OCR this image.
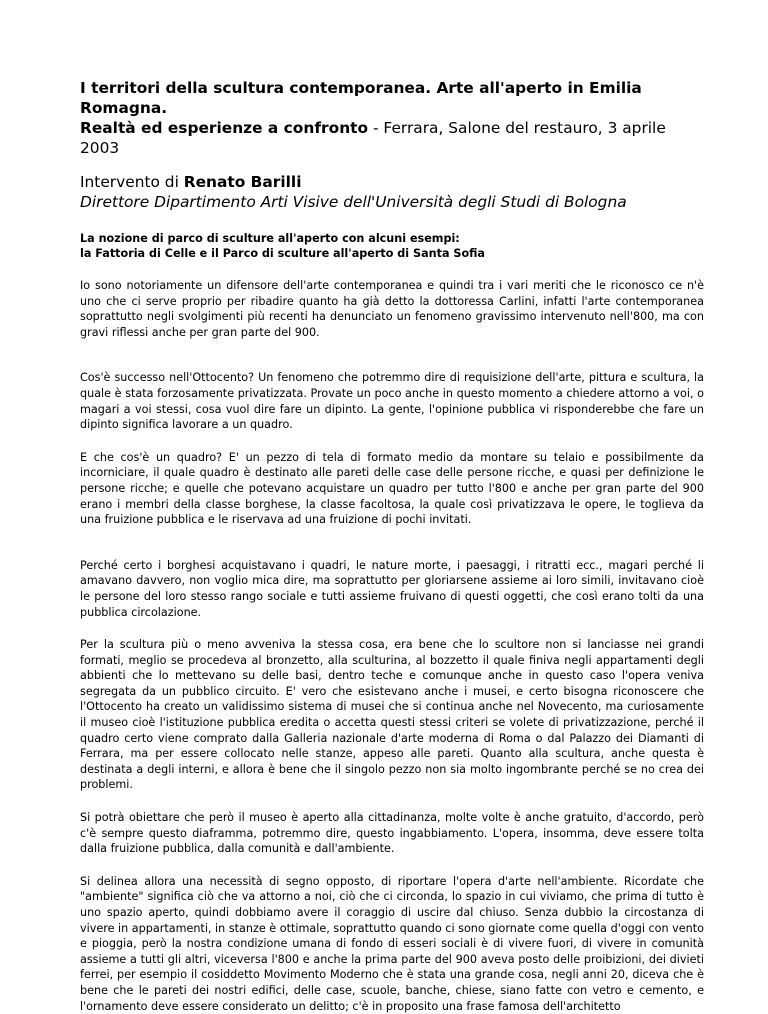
I territori della scultura contemporanea. Arte all'aperto in Emilia Romagna.
Realtà ed esperienze a confronto - Ferrara, Salone del restauro, 3 aprile 2003

Intervento di Renato Barilli

Direttore Dipartimento Arti Visive dell'Università degli Studi di Bologna

La nozione di parco di sculture all'aperto con alcuni esempi:
la Fattoria di Celle e il Parco di sculture all'aperto di Santa Sofia

Io sono notoriamente un difensore dell'arte contemporanea e quindi tra i vari meriti che le riconosco ce n'è uno che ci serve proprio per ribadire quanto ha già detto la dottoressa Carlini, infatti l'arte contemporanea soprattutto negli svolgimenti più recenti ha denunciato un fenomeno gravissimo intervenuto nell'800, ma con gravi riflessi anche per gran parte del 900.

Cos'è successo nell'Ottocento? Un fenomeno che potremmo dire di requisizione dell'arte, pittura e scultura, la quale è stata forzosamente privatizzata. Provate un poco anche in questo momento a chiedere attorno a voi, o magari a voi stessi, cosa vuol dire fare un dipinto. La gente, l'opinione pubblica vi risponderebbe che fare un dipinto significa lavorare a un quadro.

E che cos'è un quadro? E' un pezzo di tela di formato medio da montare su telaio e possibilmente da incorniciare, il quale quadro è destinato alle pareti delle case delle persone ricche, e quasi per definizione le persone ricche; e quelle che potevano acquistare un quadro per tutto l'800 e anche per gran parte del 900 erano i membri della classe borghese, la classe facoltosa, la quale così privatizzava le opere, le toglieva da una fruizione pubblica e le riservava ad una fruizione di pochi invitati.

Perché certo i borghesi acquistavano i quadri, le nature morte, i paesaggi, i ritratti ecc., magari perché li amavano davvero, non voglio mica dire, ma soprattutto per gloriarsene assieme ai loro simili, invitavano cioè le persone del loro stesso rango sociale e tutti assieme fruivano di questi oggetti, che così erano tolti da una pubblica circolazione.

Per la scultura più o meno avveniva la stessa cosa, era bene che lo scultore non si lanciasse nei grandi formati, meglio se procedeva al bronzetto, alla sculturina, al bozzetto il quale finiva negli appartamenti degli abbienti che lo mettevano su delle basi, dentro teche e comunque anche in questo caso l'opera veniva segregata da un pubblico circuito. E' vero che esistevano anche i musei, e certo bisogna riconoscere che l'Ottocento ha creato un validissimo sistema di musei che si continua anche nel Novecento, ma curiosamente il museo cioè l'istituzione pubblica eredita o accetta questi stessi criteri se volete di privatizzazione, perché il quadro certo viene comprato dalla Galleria nazionale d'arte moderna di Roma o dal Palazzo dei Diamanti di Ferrara, ma per essere collocato nelle stanze, appeso alle pareti. Quanto alla scultura, anche questa è destinata a degli interni, e allora è bene che il singolo pezzo non sia molto ingombrante perché se no crea dei problemi.

Si potrà obiettare che però il museo è aperto alla cittadinanza, molte volte è anche gratuito, d'accordo, però c'è sempre questo diaframma, potremmo dire, questo ingabbiamento. L'opera, insomma, deve essere tolta dalla fruizione pubblica, dalla comunità e dall'ambiente.

Si delinea allora una necessità di segno opposto, di riportare l'opera d'arte nell'ambiente. Ricordate che "ambiente" significa ciò che va attorno a noi, ciò che ci circonda, lo spazio in cui viviamo, che prima di tutto è uno spazio aperto, quindi dobbiamo avere il coraggio di uscire dal chiuso. Senza dubbio la circostanza di vivere in appartamenti, in stanze è ottimale, soprattutto quando ci sono giornate come quella d'oggi con vento e pioggia, però la nostra condizione umana di fondo di esseri sociali è di vivere fuori, di vivere in comunità assieme a tutti gli altri, viceversa l'800 e anche la prima parte del 900 aveva posto delle proibizioni, dei divieti ferrei, per esempio il cosiddetto Movimento Moderno che è stata una grande cosa, negli anni 20, diceva che è bene che le pareti dei nostri edifici, delle case, scuole, banche, chiese, siano fatte con vetro e cemento, e l'ornamento deve essere considerato un delitto; c'è in proposito una frase famosa dell'architetto
